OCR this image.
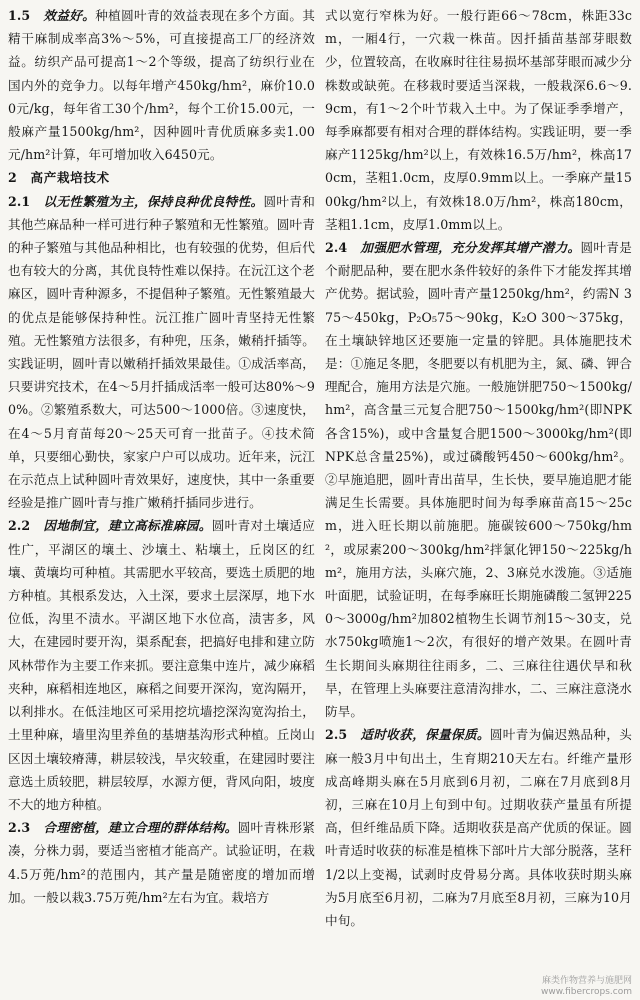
1.5　 效益好。种植圆叶青的效益表现在多个方面。其精干麻制成率高3%～5%，可直接提高工厂的经济效益。纺织产品可提高1～2个等级，提高了纺织行业在国内外的竞争力。以每年增产450kg/hm²，麻价10.00元/kg，每年省工30个/hm²，每个工价15.00元，一般麻产量1500kg/hm²，因种圆叶青优质麻多卖1.00元/hm²计算，年可增加收入6450元。

2　高产栽培技术

2.1　 以无性繁殖为主，保持良种优良特性。圆叶青和其他苎麻品种一样可进行种子繁殖和无性繁殖。圆叶青的种子繁殖与其他品种相比，也有较强的优势，但后代也有较大的分离，其优良特性难以保持。在沅江这个老麻区，圆叶青种源多，不提倡种子繁殖。无性繁殖最大的优点是能够保持种性。沅江推广圆叶青坚持无性繁殖。无性繁殖方法很多，有种兜，压条，嫩稍扦插等。实践证明，圆叶青以嫩稍扦插效果最佳。①成活率高，只要讲究技术，在4～5月扦插成活率一般可达80%～90%。②繁殖系数大，可达500～1000倍。③速度快，在4～5月育苗每20～25天可育一批苗子。④技术简单，只要细心勤快，家家户户可以成功。近年来，沅江在示范点上试种圆叶青效果好，速度快，其中一条重要经验是推广圆叶青与推广嫩稍扦插同步进行。

2.2　 因地制宜，建立高标准麻园。圆叶青对土壤适应性广，平湖区的壤土、沙壤土、粘壤土，丘岗区的红壤、黄壤均可种植。其需肥水平较高，要选土质肥的地方种植。其根系发达，入土深，要求土层深厚，地下水位低，沟里不渍水。平湖区地下水位高，渍害多，风大，在建园时要开沟，渠系配套，把搞好电排和建立防风林带作为主要工作来抓。要注意集中连片，减少麻稻夹种，麻稻相连地区，麻稻之间要开深沟，宽沟隔开，以利排水。在低洼地区可采用挖坑墙挖深沟宽沟抬土，土里种麻，墙里沟里养鱼的基塘基沟形式种植。丘岗山区因土壤较瘠薄，耕层较浅，旱灾较重，在建园时要注意选土质较肥，耕层较厚，水源方便，背风向阳，坡度不大的地方种植。

2.3　 合理密植，建立合理的群体结构。圆叶青株形紧凑，分株力弱，要适当密植才能高产。试验证明，在栽4.5万蔸/hm²的范围内，其产量是随密度的增加而增加。一般以栽3.75万蔸/hm²左右为宜。栽培方

式以宽行窄株为好。一般行距66～78cm，株距33cm，一厢4行，一穴栽一株苗。因扦插苗基部芽眼数少，位置较高，在收麻时往往易损坏基部芽眼而减少分株数或缺蔸。在移栽时要适当深栽，一般栽深6.6～9.9cm，有1～2个叶节栽入土中。为了保证季季增产，每季麻都要有相对合理的群体结构。实践证明，要一季麻产1125kg/hm²以上，有效株16.5万/hm²，株高170cm，茎粗1.0cm，皮厚0.9mm以上。一季麻产量1500kg/hm²以上，有效株18.0万/hm²，株高180cm，茎粗1.1cm，皮厚1.0mm以上。

2.4　 加强肥水管理，充分发挥其增产潜力。圆叶青是个耐肥品种，要在肥水条件较好的条件下才能发挥其增产优势。据试验，圆叶青产量1250kg/hm²，约需N 375～450kg，P₂O₅75～90kg，K₂O 300～375kg，在土壤缺锌地区还要施一定量的锌肥。具体施肥技术是：①施足冬肥，冬肥要以有机肥为主，氮、磷、钾合理配合，施用方法是穴施。一般施饼肥750～1500kg/hm²，高含量三元复合肥750～1500kg/hm²(即NPK各含15%)，或中含量复合肥1500～3000kg/hm²(即NPK总含量25%)，或过磷酸钙450～600kg/hm²。②早施追肥，圆叶青出苗早，生长快，要早施追肥才能满足生长需要。具体施肥时间为每季麻苗高15～25cm，进入旺长期以前施肥。施碳铵600～750kg/hm²，或尿素200～300kg/hm²拌氯化钾150～225kg/hm²，施用方法，头麻穴施，2、3麻兑水泼施。③适施叶面肥，试验证明，在每季麻旺长期施磷酸二氢钾2250～3000g/hm²加802植物生长调节剂15～30支，兑水750kg喷施1～2次，有很好的增产效果。在圆叶青生长期间头麻期往往雨多，二、三麻往往遇伏旱和秋旱，在管理上头麻要注意清沟排水，二、三麻注意浇水防旱。

2.5　 适时收获，保量保质。圆叶青为偏迟熟品种，头麻一般3月中旬出土，生育期210天左右。纤维产量形成高峰期头麻在5月底到6月初，二麻在7月底到8月初，三麻在10月上旬到中旬。过期收获产量虽有所提高，但纤维品质下降。适期收获是高产优质的保证。圆叶青适时收获的标准是植株下部叶片大部分脱落，茎秆1/2以上变褐，试剥时皮骨易分离。具体收获时期头麻为5月底至6月初，二麻为7月底至8月初，三麻为10月中旬。

麻类作物营养与施肥网
www.fibercrops.com
